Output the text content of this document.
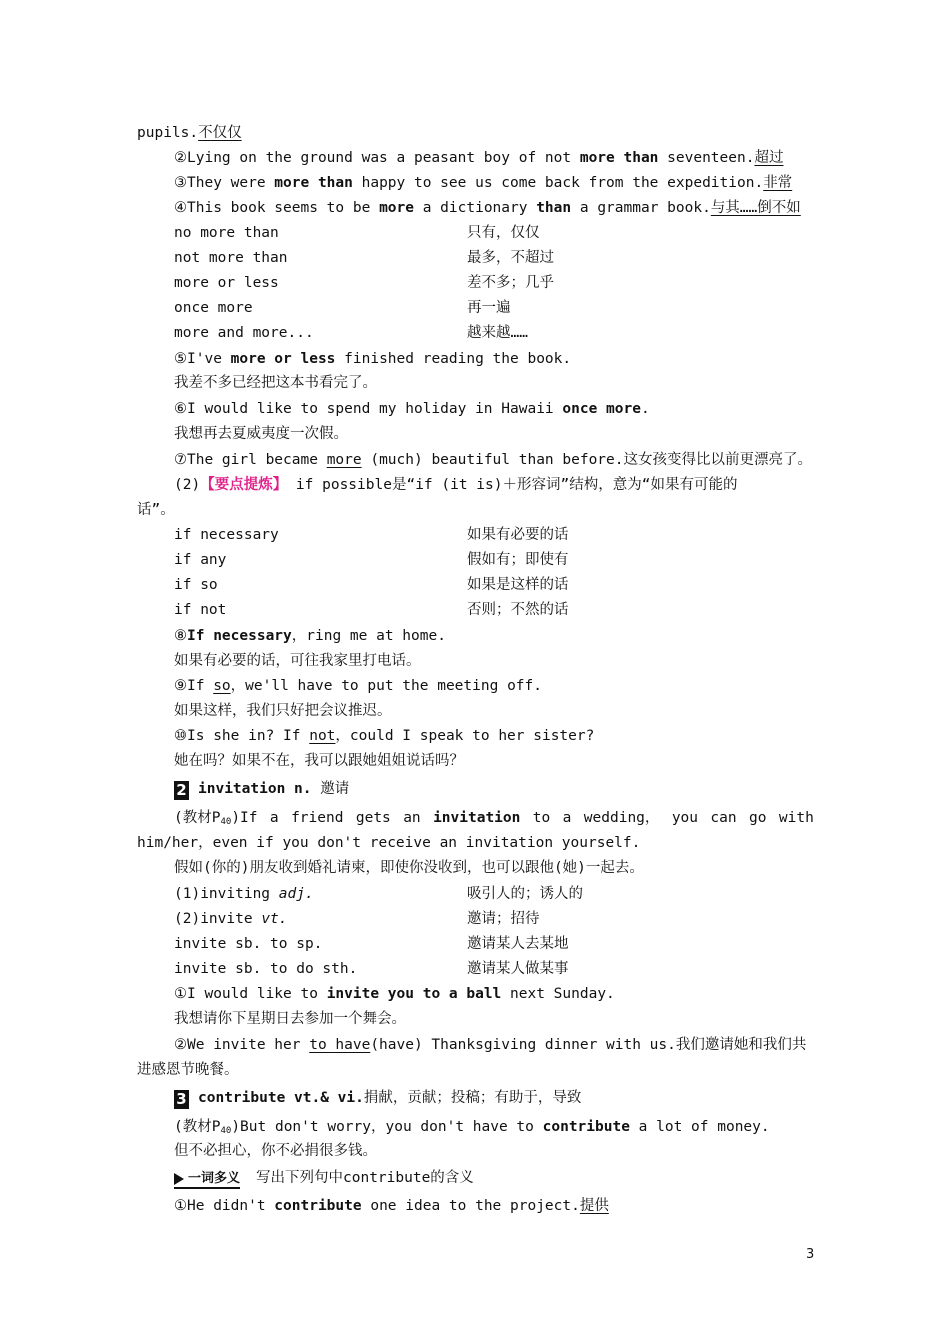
pupils.不仅仅
②Lying on the ground was a peasant boy of not more than seventeen.超过
③They were more than happy to see us come back from the expedition.非常
④This book seems to be more a dictionary than a grammar book.与其……倒不如
no more than	只有，仅仅
not more than	最多，不超过
more or less	差不多；几乎
once more	再一遍
more and more...	越来越……
⑤I've more or less finished reading the book.
我差不多已经把这本书看完了。
⑥I would like to spend my holiday in Hawaii once more.
我想再去夏威夷度一次假。
⑦The girl became more (much) beautiful than before.这女孩变得比以前更漂亮了。
(2)【要点提炼】 if possible是“if (it is)＋形容词”结构，意为“如果有可能的
话”。
if necessary	如果有必要的话
if any	假如有；即使有
if so	如果是这样的话
if not	否则；不然的话
⑧If necessary，ring me at home.
如果有必要的话，可往我家里打电话。
⑨If so，we'll have to put the meeting off.
如果这样，我们只好把会议推迟。
⑩Is she in? If not，could I speak to her sister?
她在吗？如果不在，我可以跟她姐姐说话吗？
2 invitation n. 邀请
(教材$P_{40})If$ a friend gets an invitation to a wedding， you can go with
him/her，even if you don't receive an invitation yourself.
假如(你的)朋友收到婚礼请柬，即使你没收到，也可以跟他(她)一起去。
(1)inviting adj.	吸引人的；诱人的
(2)invite vt.	邀请；招待
invite sb. to sp.	邀请某人去某地
invite sb. to do sth.	邀请某人做某事
①I would like to invite you to a ball next Sunday.
我想请你下星期日去参加一个舞会。
②We invite her to have(have) Thanksgiving dinner with us.我们邀请她和我们共
进感恩节晚餐。
3 contribute vt.& vi.捐献，贡献；投稿；有助于，导致
(教材$P_{40})But$ don't worry，you don't have to contribute a lot of money.
但不必担心，你不必捐很多钱。
一词多义 写出下列句中contribute的含义
①He didn't contribute one idea to the project.提供
3
